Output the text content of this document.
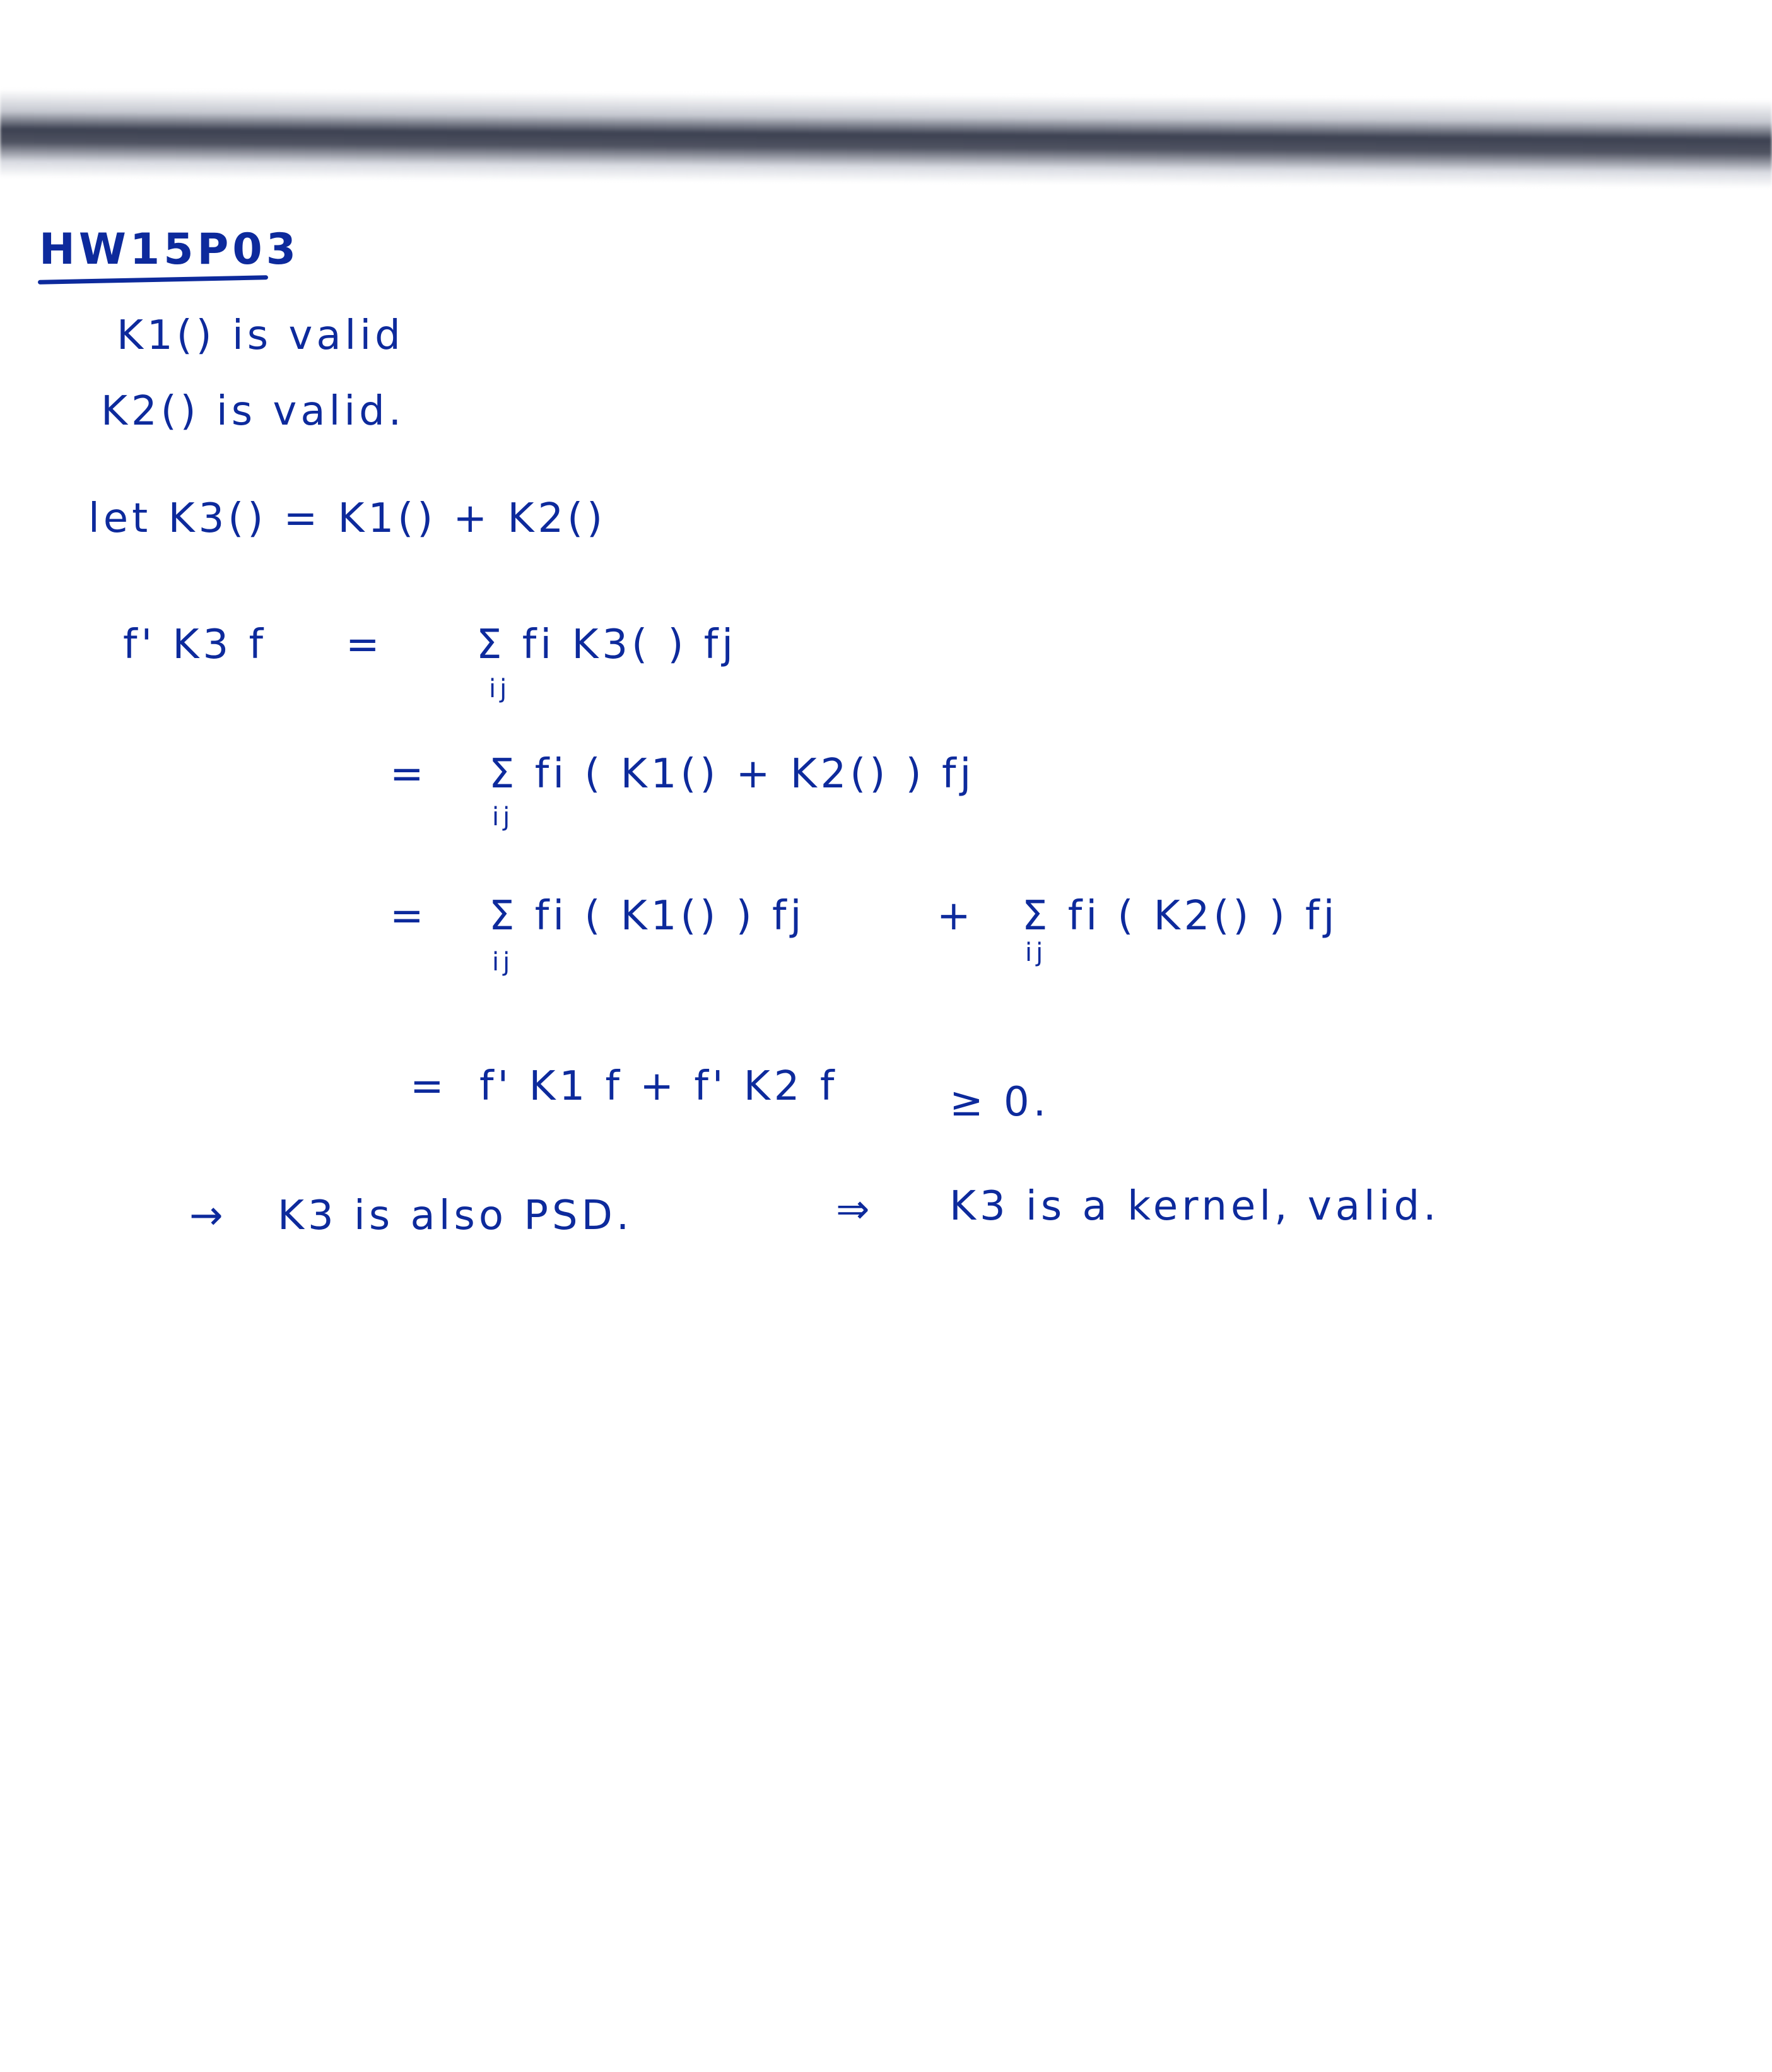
HW15P03
K1() is valid
K2() is valid.
let K3() = K1() + K2()
f' K3 f = Σ fi K3( ) fj
ij
= Σ fi ( K1() + K2() ) fj
ij
= Σ fi ( K1() ) fj
ij
+ Σ fi ( K2() ) fj
ij
= f' K1 f + f' K2 f	≥ 0.
→ K3 is also PSD.	⇒ K3 is a kernel, valid.
